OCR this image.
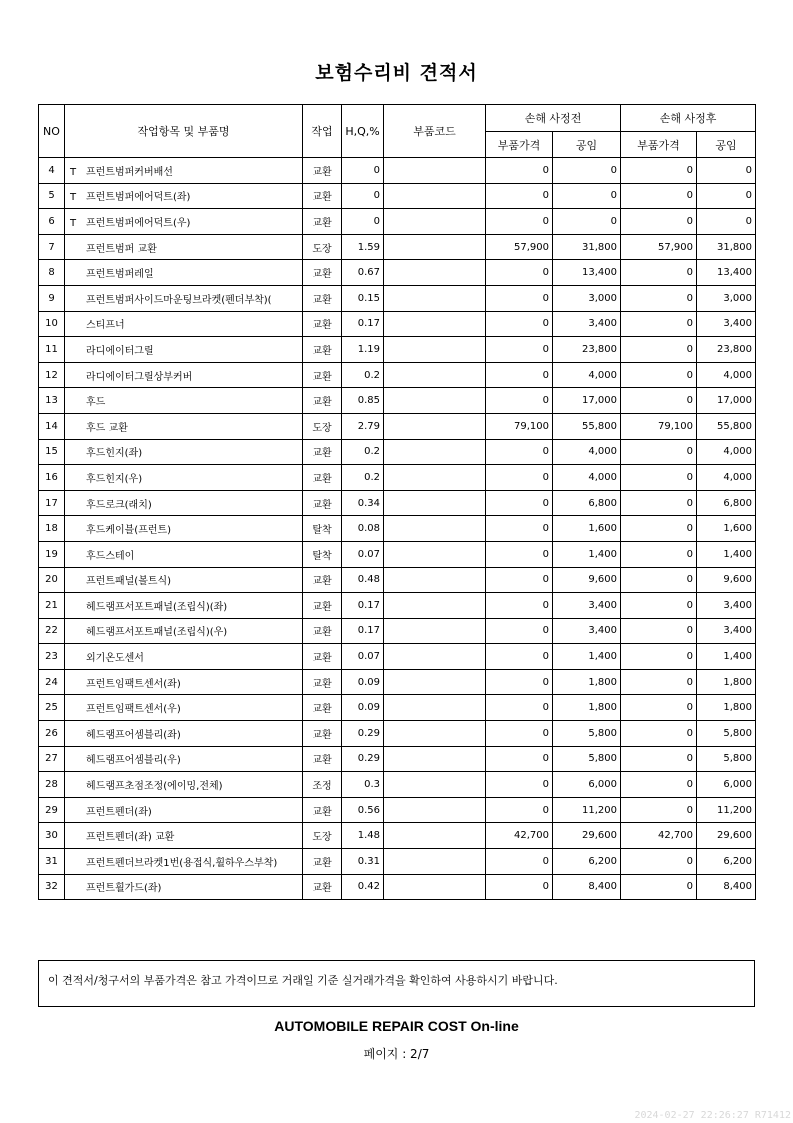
보험수리비 견적서
NO	작업항목 및 부품명	작업	H,Q,%	부품코드	손해 사정전		손해 사정후	
					부품가격	공임	부품가격	공임
4	T 프런트범퍼커버배선	교환	0		0	0	0	0
5	T 프런트범퍼에어덕트(좌)	교환	0		0	0	0	0
6	T 프런트범퍼에어덕트(우)	교환	0		0	0	0	0
7	프런트범퍼 교환	도장	1.59		57,900	31,800	57,900	31,800
8	프런트범퍼레일	교환	0.67		0	13,400	0	13,400
9	프런트범퍼사이드마운팅브라켓(펜더부착)(	교환	0.15		0	3,000	0	3,000
10	스티프너	교환	0.17		0	3,400	0	3,400
11	라디에이터그릴	교환	1.19		0	23,800	0	23,800
12	라디에이터그릴상부커버	교환	0.2		0	4,000	0	4,000
13	후드	교환	0.85		0	17,000	0	17,000
14	후드 교환	도장	2.79		79,100	55,800	79,100	55,800
15	후드힌지(좌)	교환	0.2		0	4,000	0	4,000
16	후드힌지(우)	교환	0.2		0	4,000	0	4,000
17	후드로크(래치)	교환	0.34		0	6,800	0	6,800
18	후드케이블(프런트)	탈착	0.08		0	1,600	0	1,600
19	후드스테이	탈착	0.07		0	1,400	0	1,400
20	프런트패널(볼트식)	교환	0.48		0	9,600	0	9,600
21	헤드램프서포트패널(조립식)(좌)	교환	0.17		0	3,400	0	3,400
22	헤드램프서포트패널(조립식)(우)	교환	0.17		0	3,400	0	3,400
23	외기온도센서	교환	0.07		0	1,400	0	1,400
24	프런트임팩트센서(좌)	교환	0.09		0	1,800	0	1,800
25	프런트임팩트센서(우)	교환	0.09		0	1,800	0	1,800
26	헤드램프어셈블리(좌)	교환	0.29		0	5,800	0	5,800
27	헤드램프어셈블리(우)	교환	0.29		0	5,800	0	5,800
28	헤드램프초점조정(에이밍,전체)	조정	0.3		0	6,000	0	6,000
29	프런트펜더(좌)	교환	0.56		0	11,200	0	11,200
30	프런트펜더(좌) 교환	도장	1.48		42,700	29,600	42,700	29,600
31	프런트펜더브라켓1번(용접식,휠하우스부착)	교환	0.31		0	6,200	0	6,200
32	프런트휠가드(좌)	교환	0.42		0	8,400	0	8,400
이 견적서/청구서의 부품가격은 참고 가격이므로 거래일 기준 실거래가격을 확인하여 사용하시기 바랍니다.
AUTOMOBILE REPAIR COST On-line
페이지 : 2/7
2024-02-27 22:26:27 R71412
